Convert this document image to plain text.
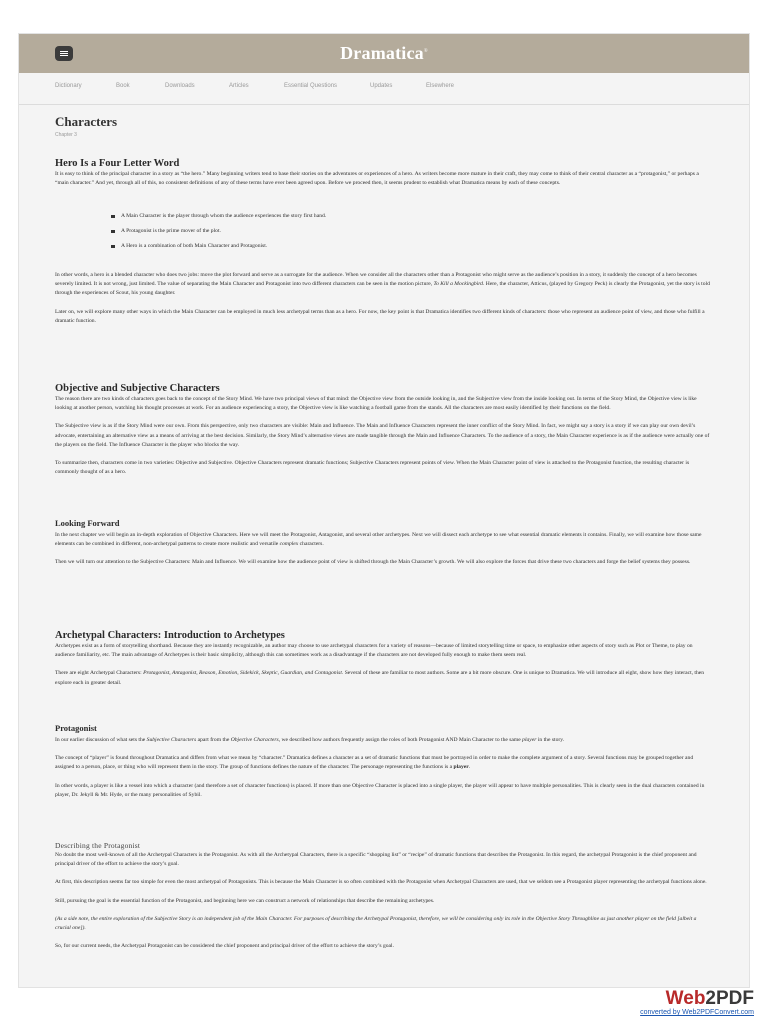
Dramatica®
Dictionary	Book	Downloads	Articles	Essential Questions	Updates	Elsewhere
Characters
Chapter 3
Hero Is a Four Letter Word

It is easy to think of the principal character in a story as “the hero.” Many beginning writers tend to base their stories on the adventures or experiences of a hero. As writers become more mature in their craft, they may come to think of their central character as a “protagonist,” or perhaps a “main character.” And yet, through all of this, no consistent definitions of any of these terms have ever been agreed upon. Before we proceed then, it seems prudent to establish what Dramatica means by each of these concepts.

A Main Character is the player through whom the audience experiences the story first hand.
A Protagonist is the prime mover of the plot.
A Hero is a combination of both Main Character and Protagonist.

In other words, a hero is a blended character who does two jobs: move the plot forward and serve as a surrogate for the audience. When we consider all the characters other than a Protagonist who might serve as the audience’s position in a story, it suddenly the concept of a hero becomes severely limited. It is not wrong, just limited. The value of separating the Main Character and Protagonist into two different characters can be seen in the motion picture, To Kill a Mockingbird. Here, the character, Atticus, (played by Gregory Peck) is clearly the Protagonist, yet the story is told through the experiences of Scout, his young daughter.

Later on, we will explore many other ways in which the Main Character can be employed in much less archetypal terms than as a hero. For now, the key point is that Dramatica identifies two different kinds of characters: those who represent an audience point of view, and those who fulfill a dramatic function.

Objective and Subjective Characters

The reason there are two kinds of characters goes back to the concept of the Story Mind. We have two principal views of that mind: the Objective view from the outside looking in, and the Subjective view from the inside looking out. In terms of the Story Mind, the Objective view is like looking at another person, watching his thought processes at work. For an audience experiencing a story, the Objective view is like watching a football game from the stands. All the characters are most easily identified by their functions on the field.

The Subjective view is as if the Story Mind were our own. From this perspective, only two characters are visible: Main and Influence. The Main and Influence Characters represent the inner conflict of the Story Mind. In fact, we might say a story is a story if we can play our own devil’s advocate, entertaining an alternative view as a means of arriving at the best decision. Similarly, the Story Mind’s alternative views are made tangible through the Main and Influence Characters. To the audience of a story, the Main Character experience is as if the audience were actually one of the players on the field. The Influence Character is the player who blocks the way.

To summarize then, characters come in two varieties: Objective and Subjective. Objective Characters represent dramatic functions; Subjective Characters represent points of view. When the Main Character point of view is attached to the Protagonist function, the resulting character is commonly thought of as a hero.

Looking Forward

In the next chapter we will begin an in-depth exploration of Objective Characters. Here we will meet the Protagonist, Antagonist, and several other archetypes. Next we will dissect each archetype to see what essential dramatic elements it contains. Finally, we will examine how those same elements can be combined in different, non-archetypal patterns to create more realistic and versatile complex characters.

Then we will turn our attention to the Subjective Characters: Main and Influence. We will examine how the audience point of view is shifted through the Main Character’s growth. We will also explore the forces that drive these two characters and forge the belief systems they possess.

Archetypal Characters: Introduction to Archetypes

Archetypes exist as a form of storytelling shorthand. Because they are instantly recognizable, an author may choose to use archetypal characters for a variety of reasons—because of limited storytelling time or space, to emphasize other aspects of story such as Plot or Theme, to play on audience familiarity, etc. The main advantage of Archetypes is their basic simplicity, although this can sometimes work as a disadvantage if the characters are not developed fully enough to make them seem real.

There are eight Archetypal Characters: Protagonist, Antagonist, Reason, Emotion, Sidekick, Skeptic, Guardian, and Contagonist. Several of these are familiar to most authors. Some are a bit more obscure. One is unique to Dramatica. We will introduce all eight, show how they interact, then explore each in greater detail.

Protagonist

In our earlier discussion of what sets the Subjective Characters apart from the Objective Characters, we described how authors frequently assign the roles of both Protagonist AND Main Character to the same player in the story.

The concept of “player” is found throughout Dramatica and differs from what we mean by “character.” Dramatica defines a character as a set of dramatic functions that must be portrayed in order to make the complete argument of a story. Several functions may be grouped together and assigned to a person, place, or thing who will represent them in the story. The group of functions defines the nature of the character. The personage representing the functions is a player.

In other words, a player is like a vessel into which a character (and therefore a set of character functions) is placed. If more than one Objective Character is placed into a single player, the player will appear to have multiple personalities. This is clearly seen in the dual characters contained in player, Dr. Jekyll & Mr. Hyde, or the many personalities of Sybil.

Describing the Protagonist

No doubt the most well-known of all the Archetypal Characters is the Protagonist. As with all the Archetypal Characters, there is a specific “shopping list” or “recipe” of dramatic functions that describes the Protagonist. In this regard, the archetypal Protagonist is the chief proponent and principal driver of the effort to achieve the story’s goal.

At first, this description seems far too simple for even the most archetypal of Protagonists. This is because the Main Character is so often combined with the Protagonist when Archetypal Characters are used, that we seldom see a Protagonist player representing the archetypal functions alone.

Still, pursuing the goal is the essential function of the Protagonist, and beginning here we can construct a network of relationships that describe the remaining archetypes.

(As a side note, the entire exploration of the Subjective Story is an independent job of the Main Character. For purposes of describing the Archetypal Protagonist, therefore, we will be considering only its role in the Objective Story Throughline as just another player on the field [albeit a crucial one]).

So, for our current needs, the Archetypal Protagonist can be considered the chief proponent and principal driver of the effort to achieve the story’s goal.

Web2PDF
converted by Web2PDFConvert.com
